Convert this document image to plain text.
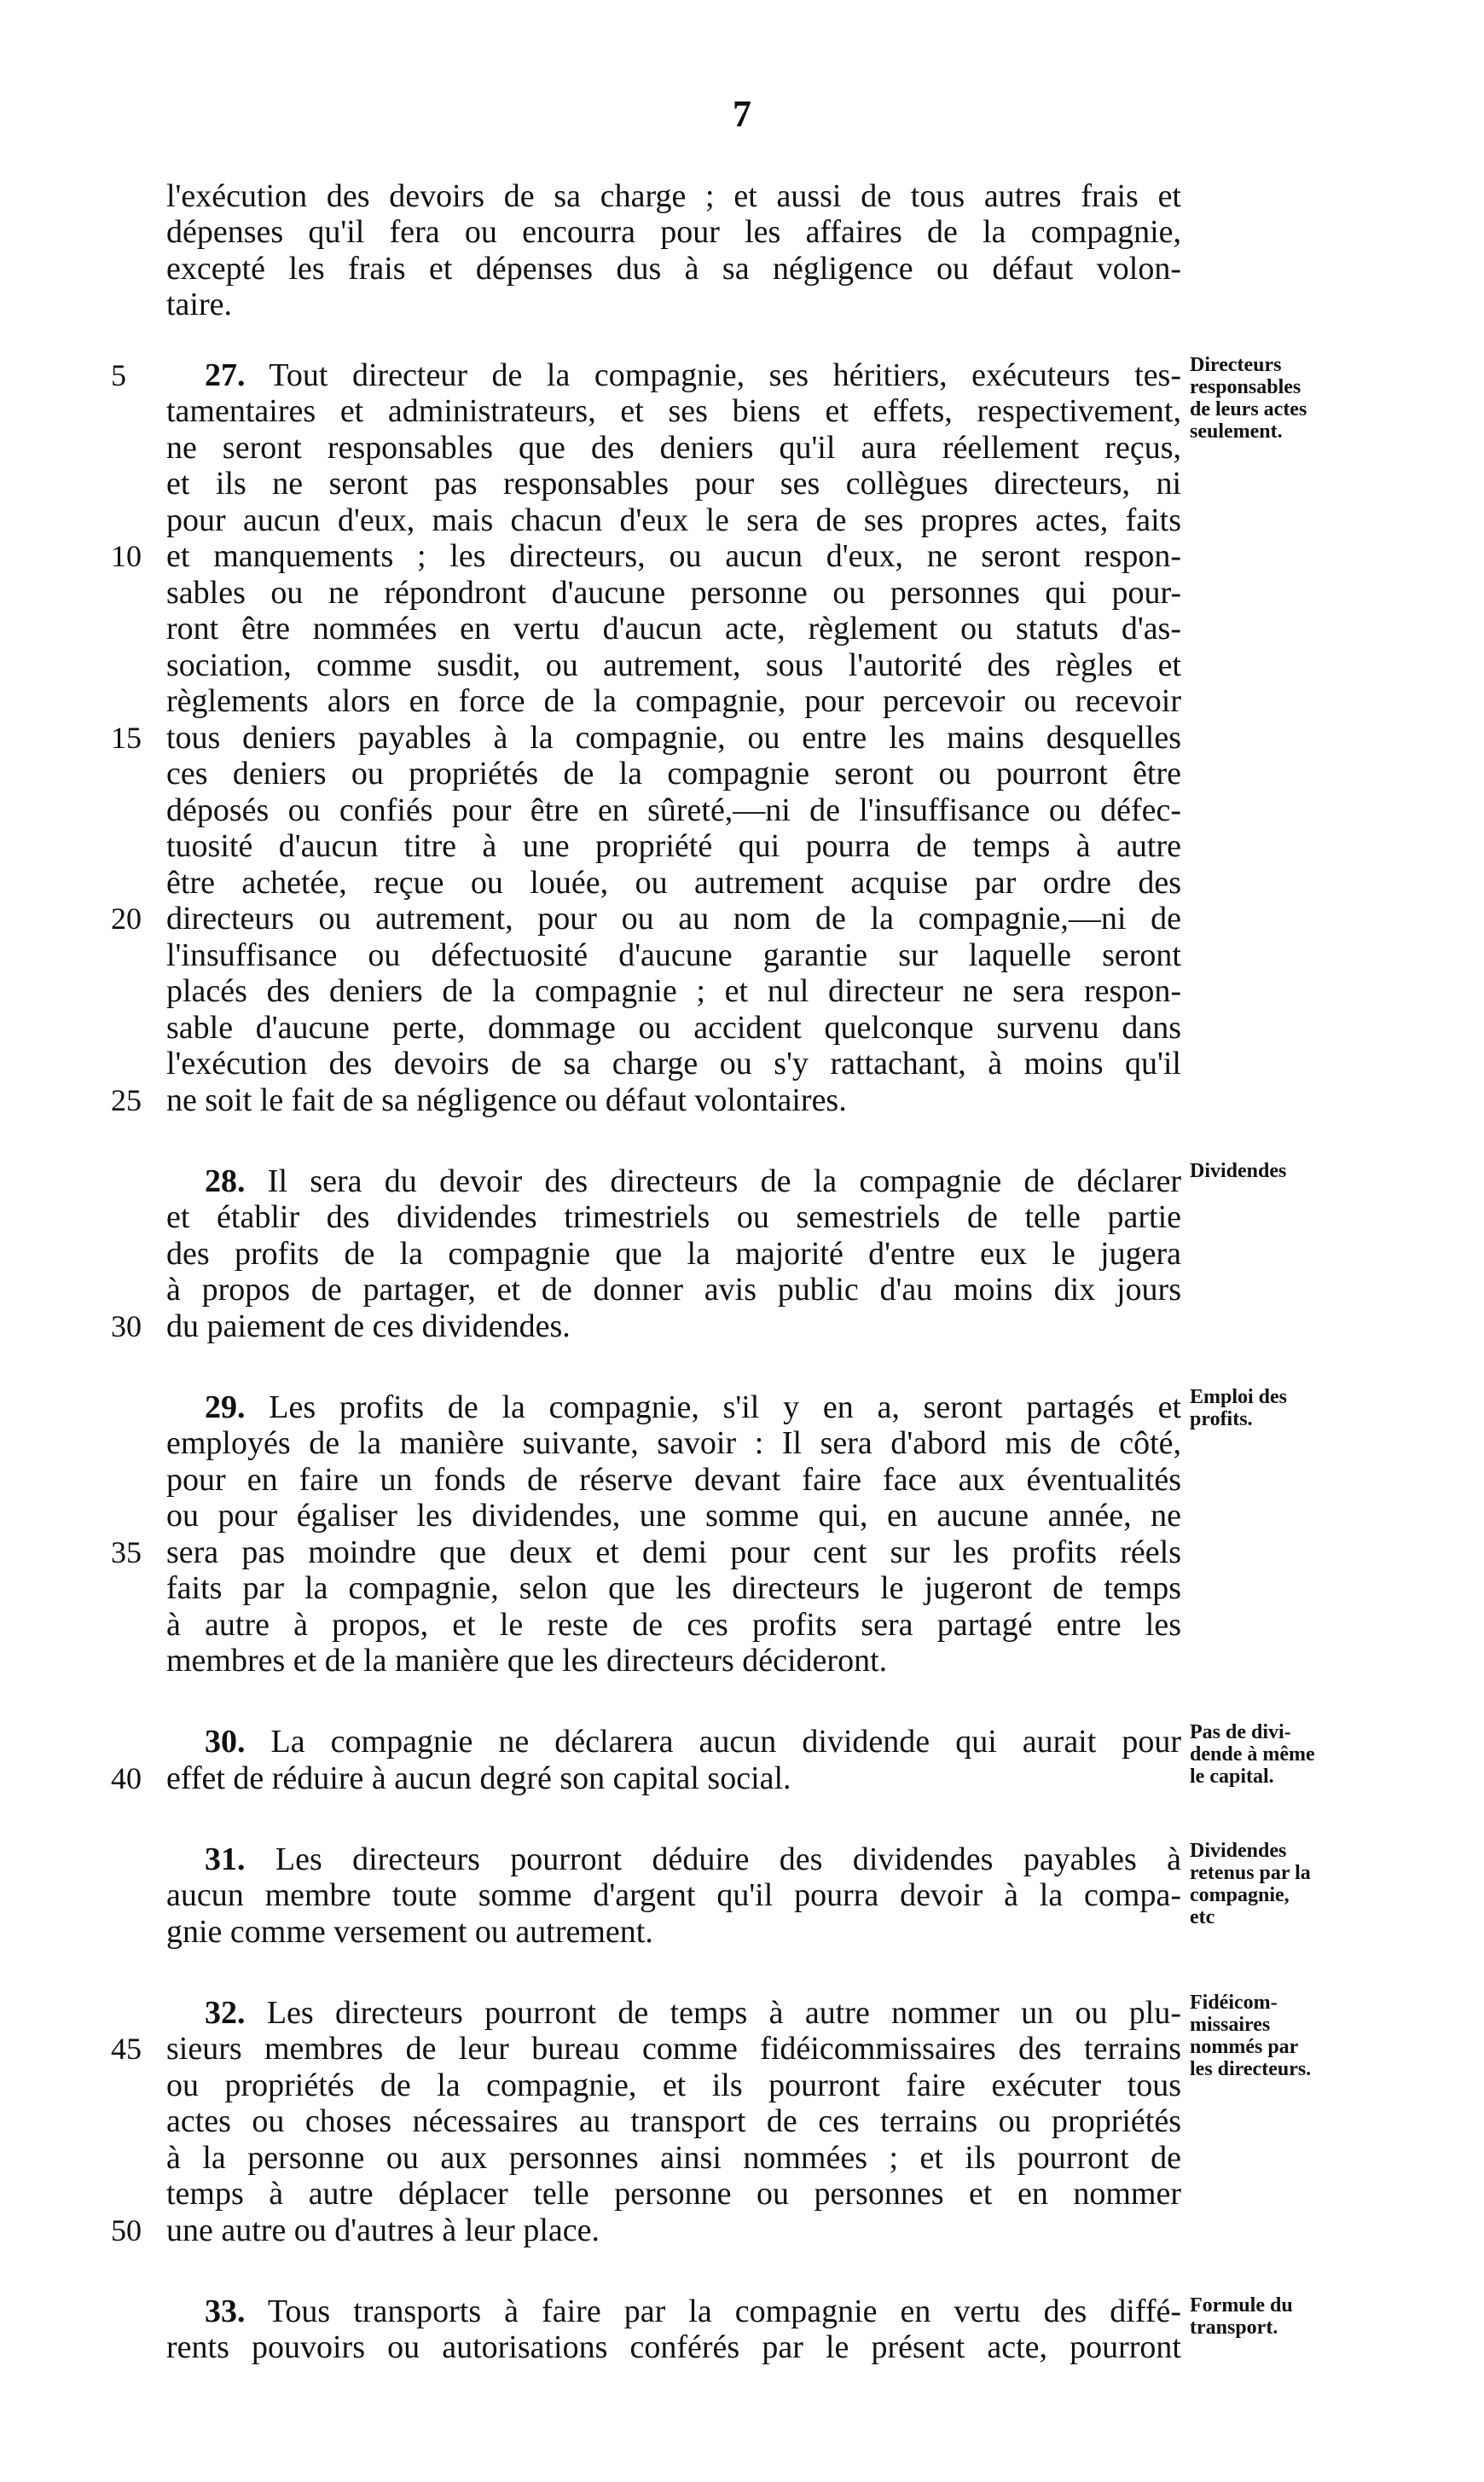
7
l'exécution des devoirs de sa charge ; et aussi de tous autres frais et
dépenses qu'il fera ou encourra pour les affaires de la compagnie,
excepté les frais et dépenses dus à sa négligence ou défaut volon-
taire.
27. Tout directeur de la compagnie, ses héritiers, exécuteurs tes-
5
tamentaires et administrateurs, et ses biens et effets, respectivement,
ne seront responsables que des deniers qu'il aura réellement reçus,
et ils ne seront pas responsables pour ses collègues directeurs, ni
pour aucun d'eux, mais chacun d'eux le sera de ses propres actes, faits
et manquements ; les directeurs, ou aucun d'eux, ne seront respon-
10
sables ou ne répondront d'aucune personne ou personnes qui pour-
ront être nommées en vertu d'aucun acte, règlement ou statuts d'as-
sociation, comme susdit, ou autrement, sous l'autorité des règles et
règlements alors en force de la compagnie, pour percevoir ou recevoir
tous deniers payables à la compagnie, ou entre les mains desquelles
15
ces deniers ou propriétés de la compagnie seront ou pourront être
déposés ou confiés pour être en sûreté,—ni de l'insuffisance ou défec-
tuosité d'aucun titre à une propriété qui pourra de temps à autre
être achetée, reçue ou louée, ou autrement acquise par ordre des
directeurs ou autrement, pour ou au nom de la compagnie,—ni de
20
l'insuffisance ou défectuosité d'aucune garantie sur laquelle seront
placés des deniers de la compagnie ; et nul directeur ne sera respon-
sable d'aucune perte, dommage ou accident quelconque survenu dans
l'exécution des devoirs de sa charge ou s'y rattachant, à moins qu'il
ne soit le fait de sa négligence ou défaut volontaires.
25
28. Il sera du devoir des directeurs de la compagnie de déclarer
et établir des dividendes trimestriels ou semestriels de telle partie
des profits de la compagnie que la majorité d'entre eux le jugera
à propos de partager, et de donner avis public d'au moins dix jours
du paiement de ces dividendes.
30
29. Les profits de la compagnie, s'il y en a, seront partagés et
employés de la manière suivante, savoir : Il sera d'abord mis de côté,
pour en faire un fonds de réserve devant faire face aux éventualités
ou pour égaliser les dividendes, une somme qui, en aucune année, ne
sera pas moindre que deux et demi pour cent sur les profits réels
35
faits par la compagnie, selon que les directeurs le jugeront de temps
à autre à propos, et le reste de ces profits sera partagé entre les
membres et de la manière que les directeurs décideront.
30. La compagnie ne déclarera aucun dividende qui aurait pour
effet de réduire à aucun degré son capital social.
40
31. Les directeurs pourront déduire des dividendes payables à
aucun membre toute somme d'argent qu'il pourra devoir à la compa-
gnie comme versement ou autrement.
32. Les directeurs pourront de temps à autre nommer un ou plu-
sieurs membres de leur bureau comme fidéicommissaires des terrains
45
ou propriétés de la compagnie, et ils pourront faire exécuter tous
actes ou choses nécessaires au transport de ces terrains ou propriétés
à la personne ou aux personnes ainsi nommées ; et ils pourront de
temps à autre déplacer telle personne ou personnes et en nommer
une autre ou d'autres à leur place.
50
33. Tous transports à faire par la compagnie en vertu des diffé-
rents pouvoirs ou autorisations conférés par le présent acte, pourront
Directeurs
responsables
de leurs actes
seulement.
Dividendes
Emploi des
profits.
Pas de divi-
dende à même
le capital.
Dividendes
retenus par la
compagnie,
etc
Fidéicom-
missaires
nommés par
les directeurs.
Formule du
transport.
